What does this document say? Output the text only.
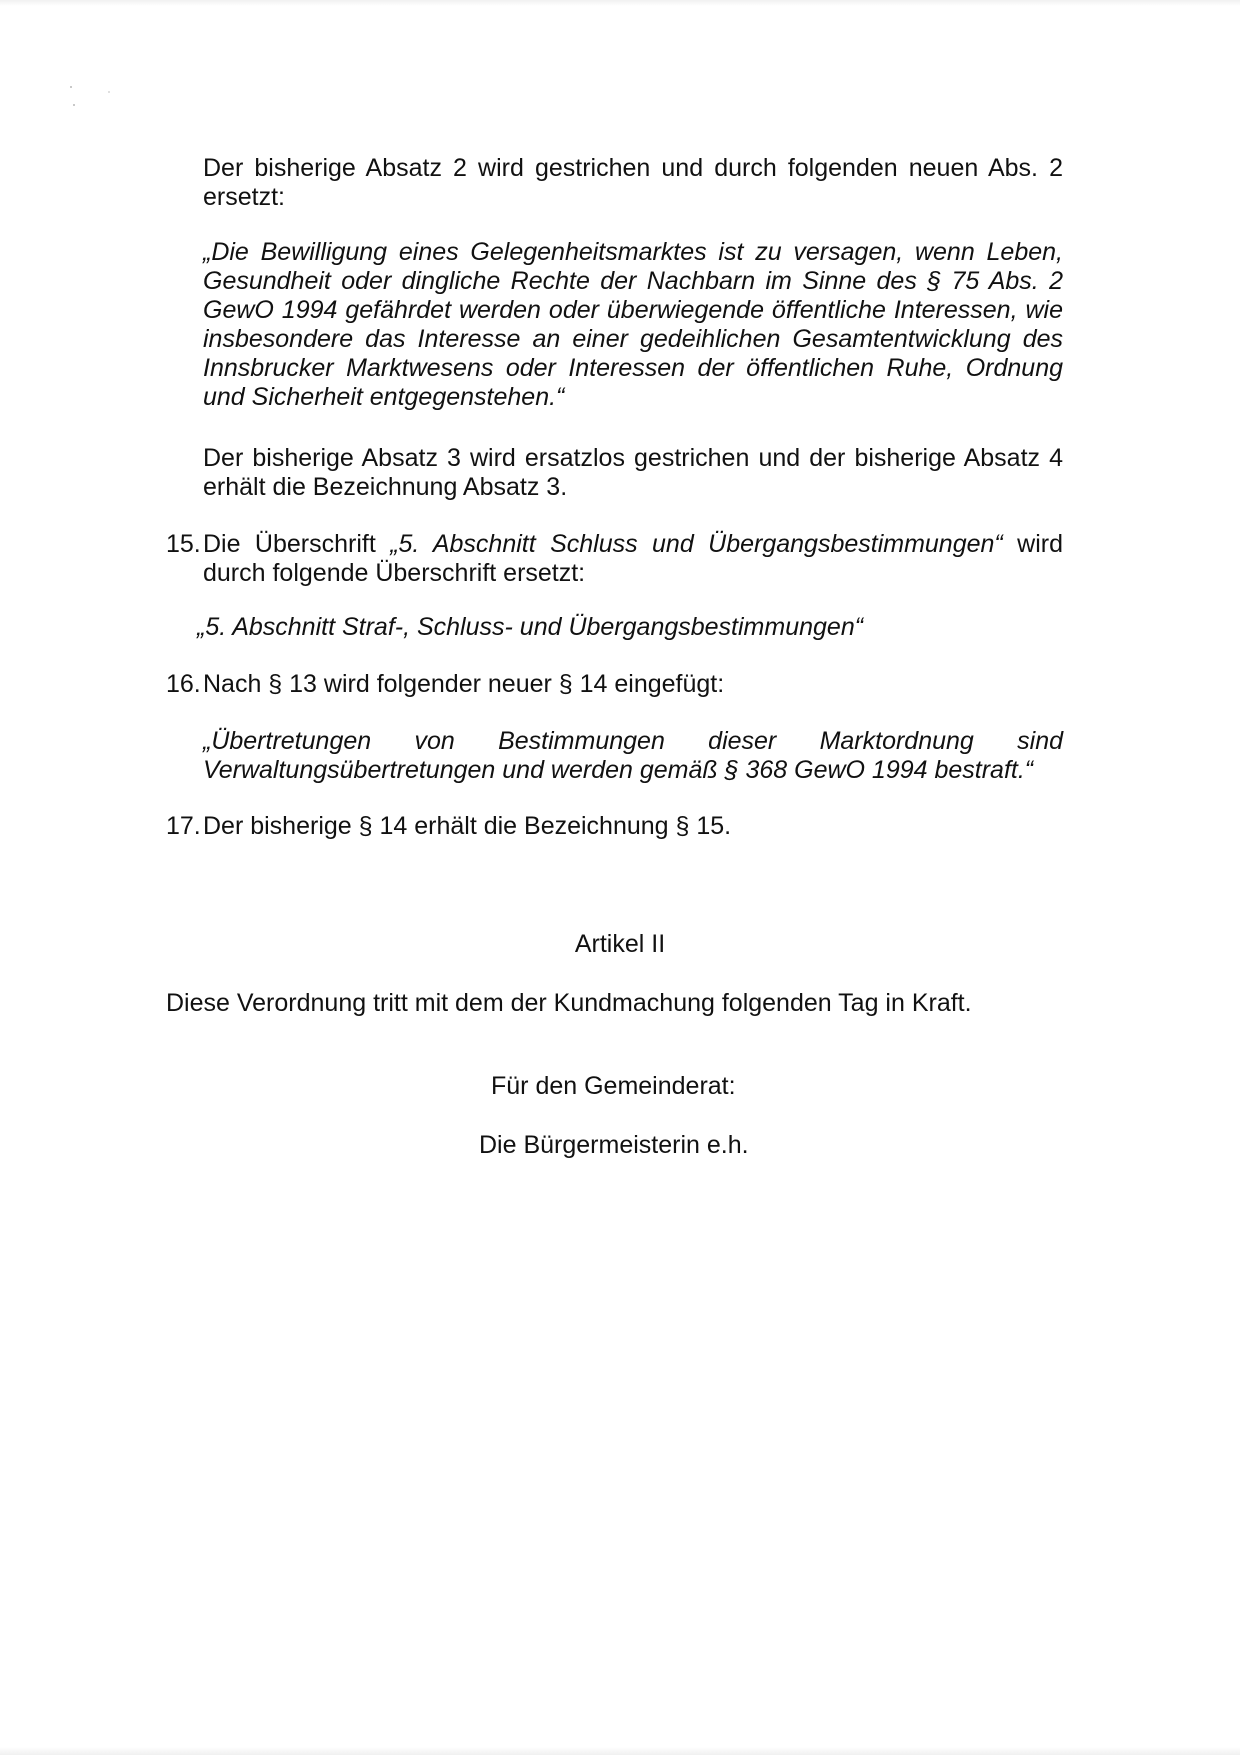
Der bisherige Absatz 2 wird gestrichen und durch folgenden neuen Abs. 2 ersetzt:

„Die Bewilligung eines Gelegenheitsmarktes ist zu versagen, wenn Leben, Gesundheit oder dingliche Rechte der Nachbarn im Sinne des § 75 Abs. 2 GewO 1994 gefährdet werden oder überwiegende öffentliche Interessen, wie insbesondere das Interesse an einer gedeihlichen Gesamtentwicklung des Innsbrucker Marktwesens oder Interessen der öffentlichen Ruhe, Ordnung und Sicherheit entgegenstehen.“

Der bisherige Absatz 3 wird ersatzlos gestrichen und der bisherige Absatz 4 erhält die Bezeichnung Absatz 3.

15. Die Überschrift „5. Abschnitt Schluss und Übergangsbestimmungen“ wird durch folgende Überschrift ersetzt:

„5. Abschnitt Straf-, Schluss- und Übergangsbestimmungen“

16. Nach § 13 wird folgender neuer § 14 eingefügt:

„Übertretungen von Bestimmungen dieser Marktordnung sind

Verwaltungsübertretungen und werden gemäß § 368 GewO 1994 bestraft.“

17. Der bisherige § 14 erhält die Bezeichnung § 15.

Artikel II

Diese Verordnung tritt mit dem der Kundmachung folgenden Tag in Kraft.

Für den Gemeinderat:

Die Bürgermeisterin e.h.
